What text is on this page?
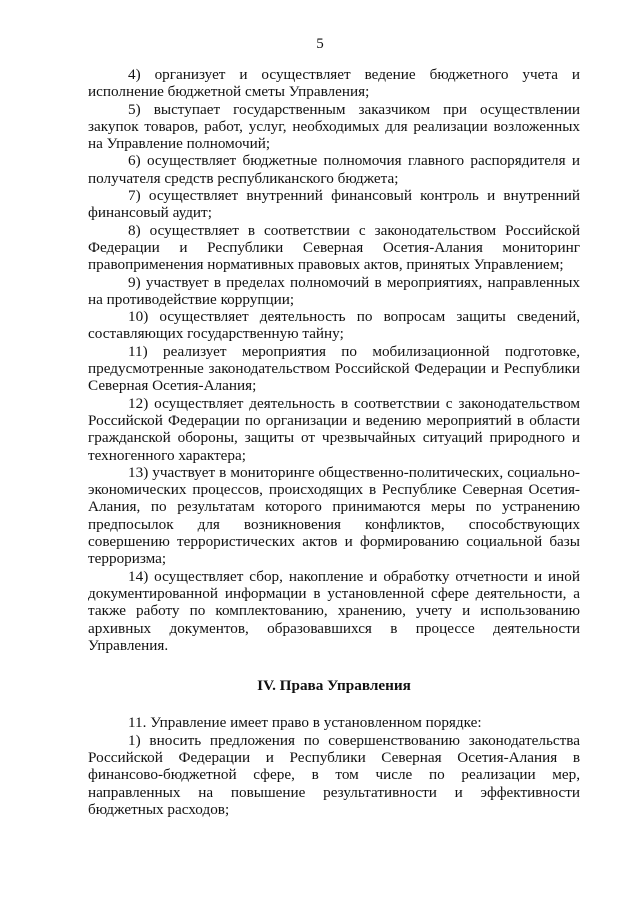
5

4) организует и осуществляет ведение бюджетного учета и исполнение бюджетной сметы Управления;

5) выступает государственным заказчиком при осуществлении закупок товаров, работ, услуг, необходимых для реализации возложенных на Управление полномочий;

6) осуществляет бюджетные полномочия главного распорядителя и получателя средств республиканского бюджета;

7) осуществляет внутренний финансовый контроль и внутренний финансовый аудит;

8) осуществляет в соответствии с законодательством Российской Федерации и Республики Северная Осетия-Алания мониторинг правоприменения нормативных правовых актов, принятых Управлением;

9) участвует в пределах полномочий в мероприятиях, направленных на противодействие коррупции;

10) осуществляет деятельность по вопросам защиты сведений, составляющих государственную тайну;

11) реализует мероприятия по мобилизационной подготовке, предусмотренные законодательством Российской Федерации и Республики Северная Осетия-Алания;

12) осуществляет деятельность в соответствии с законодательством Российской Федерации по организации и ведению мероприятий в области гражданской обороны, защиты от чрезвычайных ситуаций природного и техногенного характера;

13) участвует в мониторинге общественно-политических, социально-экономических процессов, происходящих в Республике Северная Осетия-Алания, по результатам которого принимаются меры по устранению предпосылок для возникновения конфликтов, способствующих совершению террористических актов и формированию социальной базы терроризма;

14) осуществляет сбор, накопление и обработку отчетности и иной документированной информации в установленной сфере деятельности, а также работу по комплектованию, хранению, учету и использованию архивных документов, образовавшихся в процессе деятельности Управления.

IV. Права Управления

11. Управление имеет право в установленном порядке:

1) вносить предложения по совершенствованию законодательства Российской Федерации и Республики Северная Осетия-Алания в финансово-бюджетной сфере, в том числе по реализации мер, направленных на повышение результативности и эффективности бюджетных расходов;
